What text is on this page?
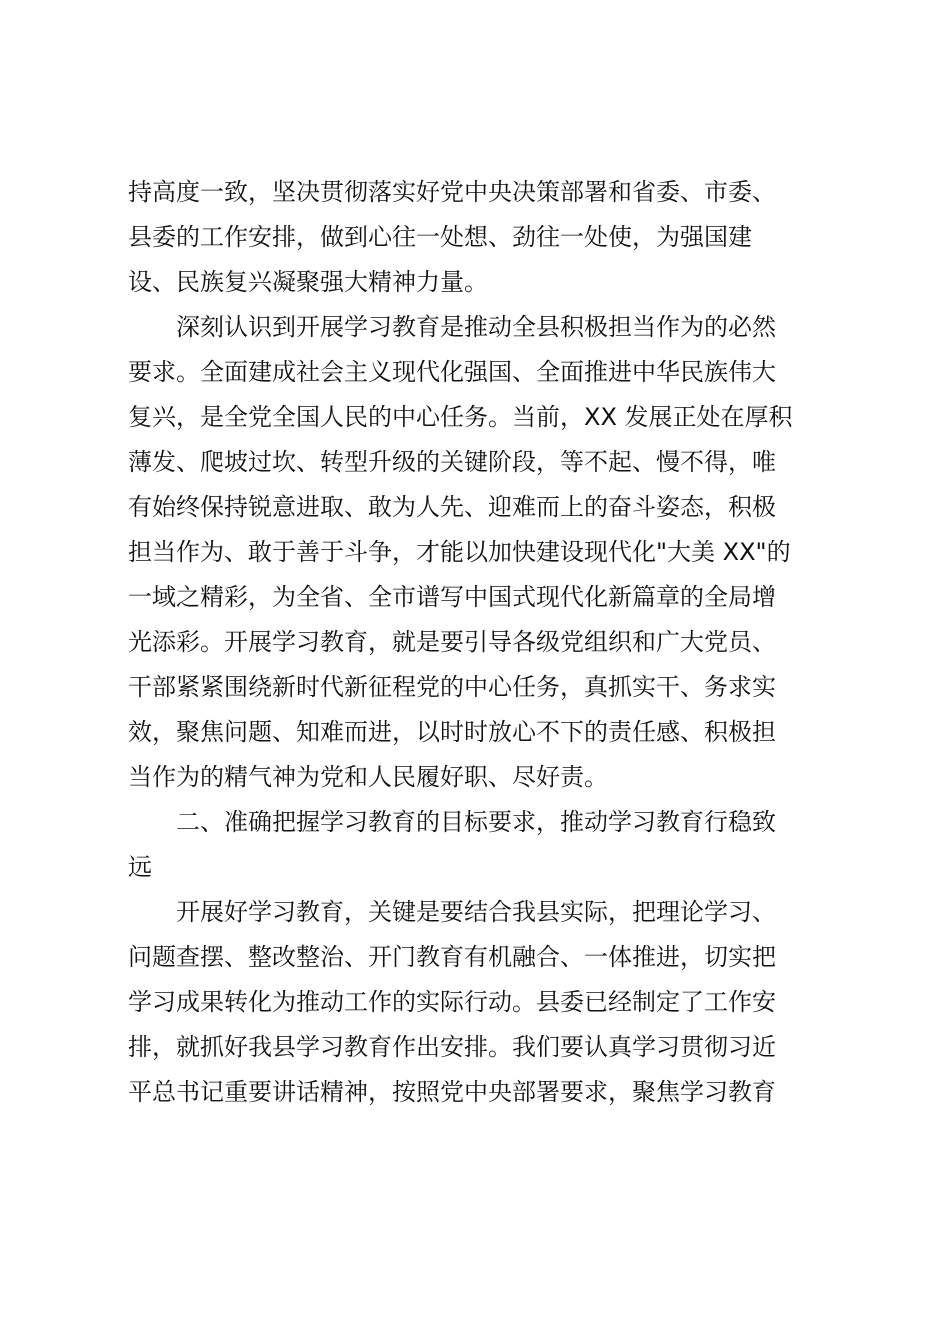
持高度一致，坚决贯彻落实好党中央决策部署和省委、市委、
县委的工作安排，做到心往一处想、劲往一处使，为强国建
设、民族复兴凝聚强大精神力量。
　　深刻认识到开展学习教育是推动全县积极担当作为的必然
要求。全面建成社会主义现代化强国、全面推进中华民族伟大
复兴，是全党全国人民的中心任务。当前，XX 发展正处在厚积
薄发、爬坡过坎、转型升级的关键阶段，等不起、慢不得，唯
有始终保持锐意进取、敢为人先、迎难而上的奋斗姿态，积极
担当作为、敢于善于斗争，才能以加快建设现代化"大美 XX"的
一域之精彩，为全省、全市谱写中国式现代化新篇章的全局增
光添彩。开展学习教育，就是要引导各级党组织和广大党员、
干部紧紧围绕新时代新征程党的中心任务，真抓实干、务求实
效，聚焦问题、知难而进，以时时放心不下的责任感、积极担
当作为的精气神为党和人民履好职、尽好责。
　　二、准确把握学习教育的目标要求，推动学习教育行稳致
远
　　开展好学习教育，关键是要结合我县实际，把理论学习、
问题查摆、整改整治、开门教育有机融合、一体推进，切实把
学习成果转化为推动工作的实际行动。县委已经制定了工作安
排，就抓好我县学习教育作出安排。我们要认真学习贯彻习近
平总书记重要讲话精神，按照党中央部署要求，聚焦学习教育
